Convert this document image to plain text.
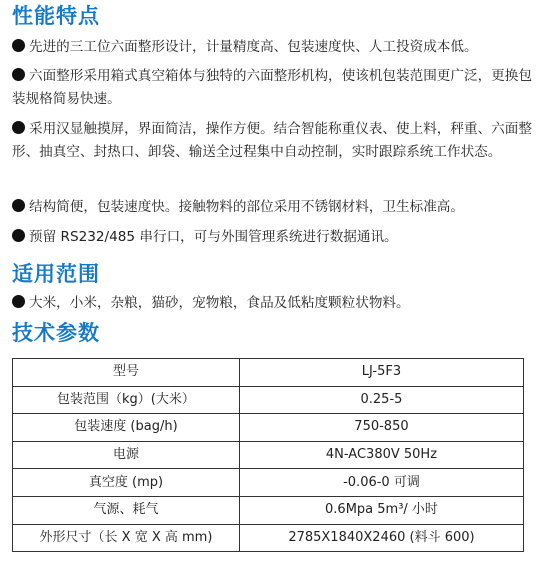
性能特点

先进的三工位六面整形设计，计量精度高、包装速度快、人工投资成本低。

六面整形采用箱式真空箱体与独特的六面整形机构，使该机包装范围更广泛，更换包装规格简易快速。

采用汉显触摸屏，界面简洁，操作方便。结合智能称重仪表、使上料，秤重、六面整形、抽真空、封热口、卸袋、输送全过程集中自动控制，实时跟踪系统工作状态。

结构简便，包装速度快。接触物料的部位采用不锈钢材料，卫生标准高。

预留 RS232/485 串行口，可与外围管理系统进行数据通讯。

适用范围

大米，小米，杂粮，猫砂，宠物粮，食品及低粘度颗粒状物料。

技术参数
型号	LJ-5F3
包装范围（kg）(大米）	0.25-5
包装速度 (bag/h)	750-850
电源	4N-AC380V 50Hz
真空度 (mp)	-0.06-0 可调
气源、耗气	0.6Mpa 5m³/ 小时
外形尺寸（长 X 宽 X 高 mm)	2785X1840X2460 (料斗 600)
